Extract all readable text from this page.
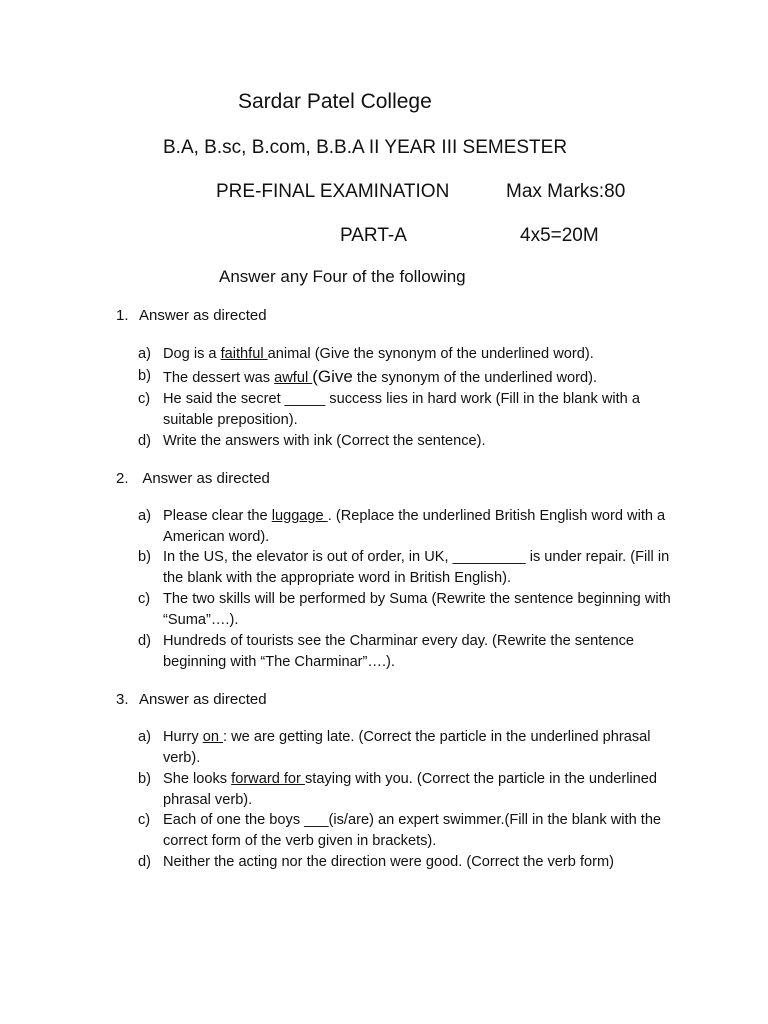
Sardar Patel College
B.A, B.sc, B.com, B.B.A II YEAR III SEMESTER
PRE-FINAL EXAMINATION	Max Marks:80
PART-A	4x5=20M
Answer any Four of the following
1. Answer as directed
a) Dog is a faithful animal (Give the synonym of the underlined word).
b) The dessert was awful (Give the synonym of the underlined word).
c) He said the secret _____ success lies in hard work (Fill in the blank with a suitable preposition).
d) Write the answers with ink (Correct the sentence).
2. Answer as directed
a) Please clear the luggage . (Replace the underlined British English word with a American word).
b) In the US, the elevator is out of order, in UK, _________ is under repair. (Fill in the blank with the appropriate word in British English).
c) The two skills will be performed by Suma (Rewrite the sentence beginning with “Suma”….).
d) Hundreds of tourists see the Charminar every day. (Rewrite the sentence beginning with “The Charminar”….).
3. Answer as directed
a) Hurry on : we are getting late. (Correct the particle in the underlined phrasal verb).
b) She looks forward for staying with you. (Correct the particle in the underlined phrasal verb).
c) Each of one the boys ___(is/are) an expert swimmer.(Fill in the blank with the correct form of the verb given in brackets).
d) Neither the acting nor the direction were good. (Correct the verb form)
